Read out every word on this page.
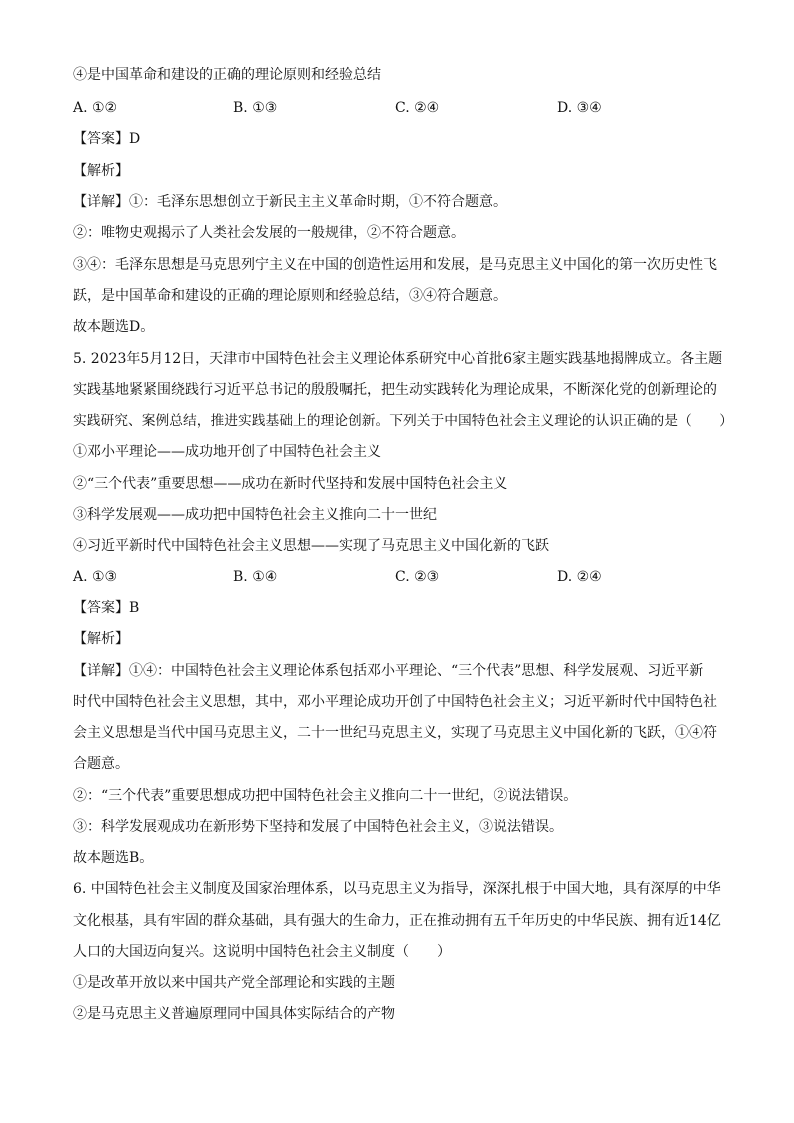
④是中国革命和建设的正确的理论原则和经验总结
A. ①②	B. ①③	C. ②④	D. ③④
【答案】D
【解析】
【详解】①：毛泽东思想创立于新民主主义革命时期，①不符合题意。
②：唯物史观揭示了人类社会发展的一般规律，②不符合题意。
③④：毛泽东思想是马克思列宁主义在中国的创造性运用和发展，是马克思主义中国化的第一次历史性飞
跃，是中国革命和建设的正确的理论原则和经验总结，③④符合题意。
故本题选D。
5. 2023年5月12日，天津市中国特色社会主义理论体系研究中心首批6家主题实践基地揭牌成立。各主题
实践基地紧紧围绕践行习近平总书记的殷殷嘱托，把生动实践转化为理论成果，不断深化党的创新理论的
实践研究、案例总结，推进实践基础上的理论创新。下列关于中国特色社会主义理论的认识正确的是（　　）
①邓小平理论——成功地开创了中国特色社会主义
②“三个代表”重要思想——成功在新时代坚持和发展中国特色社会主义
③科学发展观——成功把中国特色社会主义推向二十一世纪
④习近平新时代中国特色社会主义思想——实现了马克思主义中国化新的飞跃
A. ①③	B. ①④	C. ②③	D. ②④
【答案】B
【解析】
【详解】①④：中国特色社会主义理论体系包括邓小平理论、“三个代表”思想、科学发展观、习近平新
时代中国特色社会主义思想，其中，邓小平理论成功开创了中国特色社会主义；习近平新时代中国特色社
会主义思想是当代中国马克思主义，二十一世纪马克思主义，实现了马克思主义中国化新的飞跃，①④符
合题意。
②：“三个代表”重要思想成功把中国特色社会主义推向二十一世纪，②说法错误。
③：科学发展观成功在新形势下坚持和发展了中国特色社会主义，③说法错误。
故本题选B。
6. 中国特色社会主义制度及国家治理体系，以马克思主义为指导，深深扎根于中国大地，具有深厚的中华
文化根基，具有牢固的群众基础，具有强大的生命力，正在推动拥有五千年历史的中华民族、拥有近14亿
人口的大国迈向复兴。这说明中国特色社会主义制度（　　）
①是改革开放以来中国共产党全部理论和实践的主题
②是马克思主义普遍原理同中国具体实际结合的产物
